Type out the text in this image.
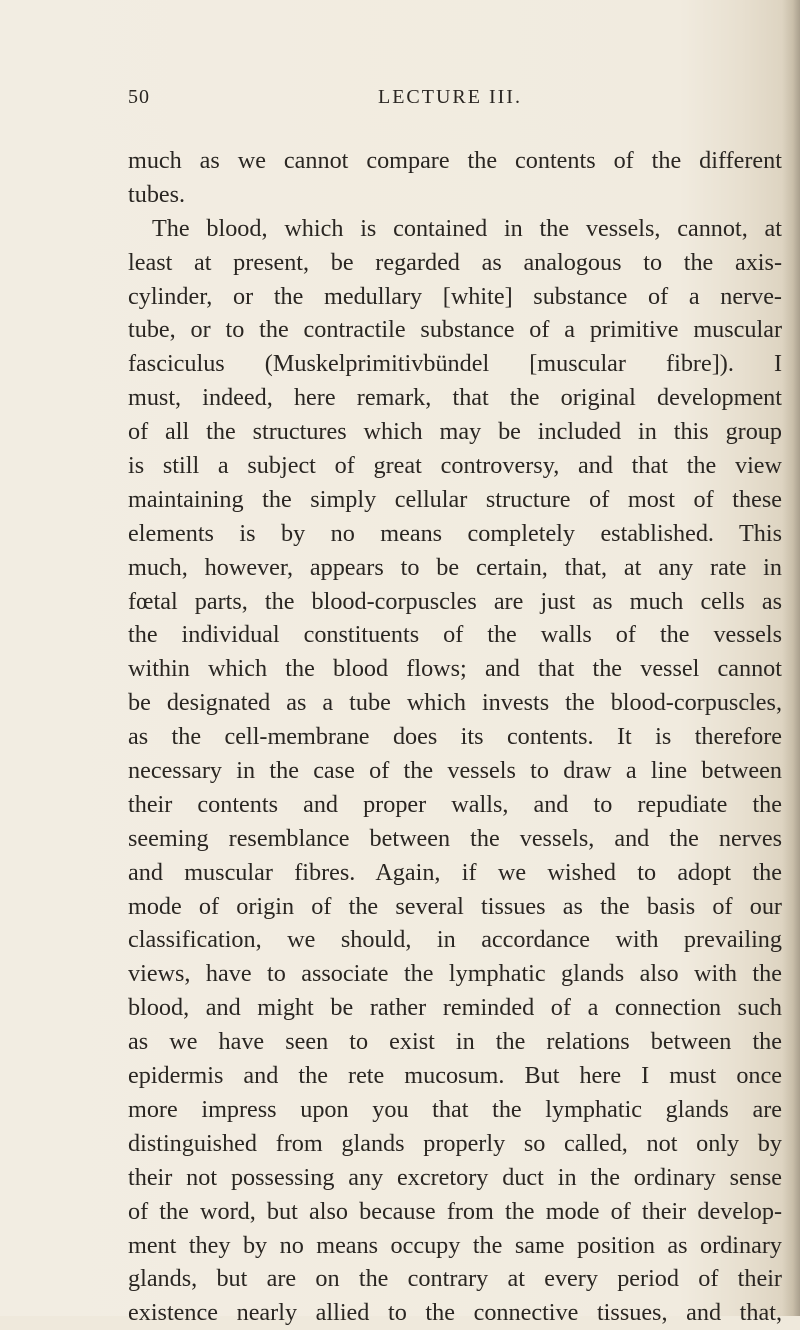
50	LECTURE III.
much as we cannot compare the contents of the different
tubes.
The blood, which is contained in the vessels, cannot, at
least at present, be regarded as analogous to the axis-
cylinder, or the medullary [white] substance of a nerve-
tube, or to the contractile substance of a primitive muscular
fasciculus (Muskelprimitivbündel [muscular fibre]). I
must, indeed, here remark, that the original development
of all the structures which may be included in this group
is still a subject of great controversy, and that the view
maintaining the simply cellular structure of most of these
elements is by no means completely established. This
much, however, appears to be certain, that, at any rate in
fœtal parts, the blood-corpuscles are just as much cells as
the individual constituents of the walls of the vessels
within which the blood flows; and that the vessel cannot
be designated as a tube which invests the blood-corpuscles,
as the cell-membrane does its contents. It is therefore
necessary in the case of the vessels to draw a line between
their contents and proper walls, and to repudiate the
seeming resemblance between the vessels, and the nerves
and muscular fibres. Again, if we wished to adopt the
mode of origin of the several tissues as the basis of our
classification, we should, in accordance with prevailing
views, have to associate the lymphatic glands also with the
blood, and might be rather reminded of a connection such
as we have seen to exist in the relations between the
epidermis and the rete mucosum. But here I must once
more impress upon you that the lymphatic glands are
distinguished from glands properly so called, not only by
their not possessing any excretory duct in the ordinary sense
of the word, but also because from the mode of their develop-
ment they by no means occupy the same position as ordinary
glands, but are on the contrary at every period of their
existence nearly allied to the connective tissues, and that,
